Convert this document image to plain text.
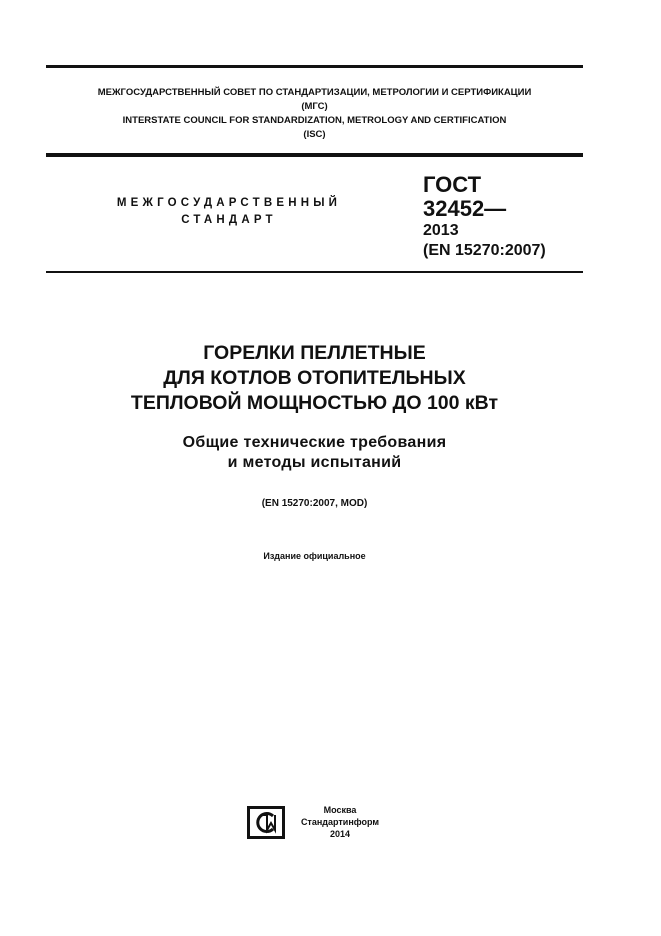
МЕЖГОСУДАРСТВЕННЫЙ СОВЕТ ПО СТАНДАРТИЗАЦИИ, МЕТРОЛОГИИ И СЕРТИФИКАЦИИ
(МГС)
INTERSTATE COUNCIL FOR STANDARDIZATION, METROLOGY AND CERTIFICATION
(ISC)
МЕЖГОСУДАРСТВЕННЫЙ
СТАНДАРТ
ГОСТ
32452—
2013
(EN 15270:2007)
ГОРЕЛКИ ПЕЛЛЕТНЫЕ
ДЛЯ КОТЛОВ ОТОПИТЕЛЬНЫХ
ТЕПЛОВОЙ МОЩНОСТЬЮ ДО 100 кВт
Общие технические требования
и методы испытаний
(EN 15270:2007, MOD)
Издание официальное
Москва
Стандартинформ
2014
